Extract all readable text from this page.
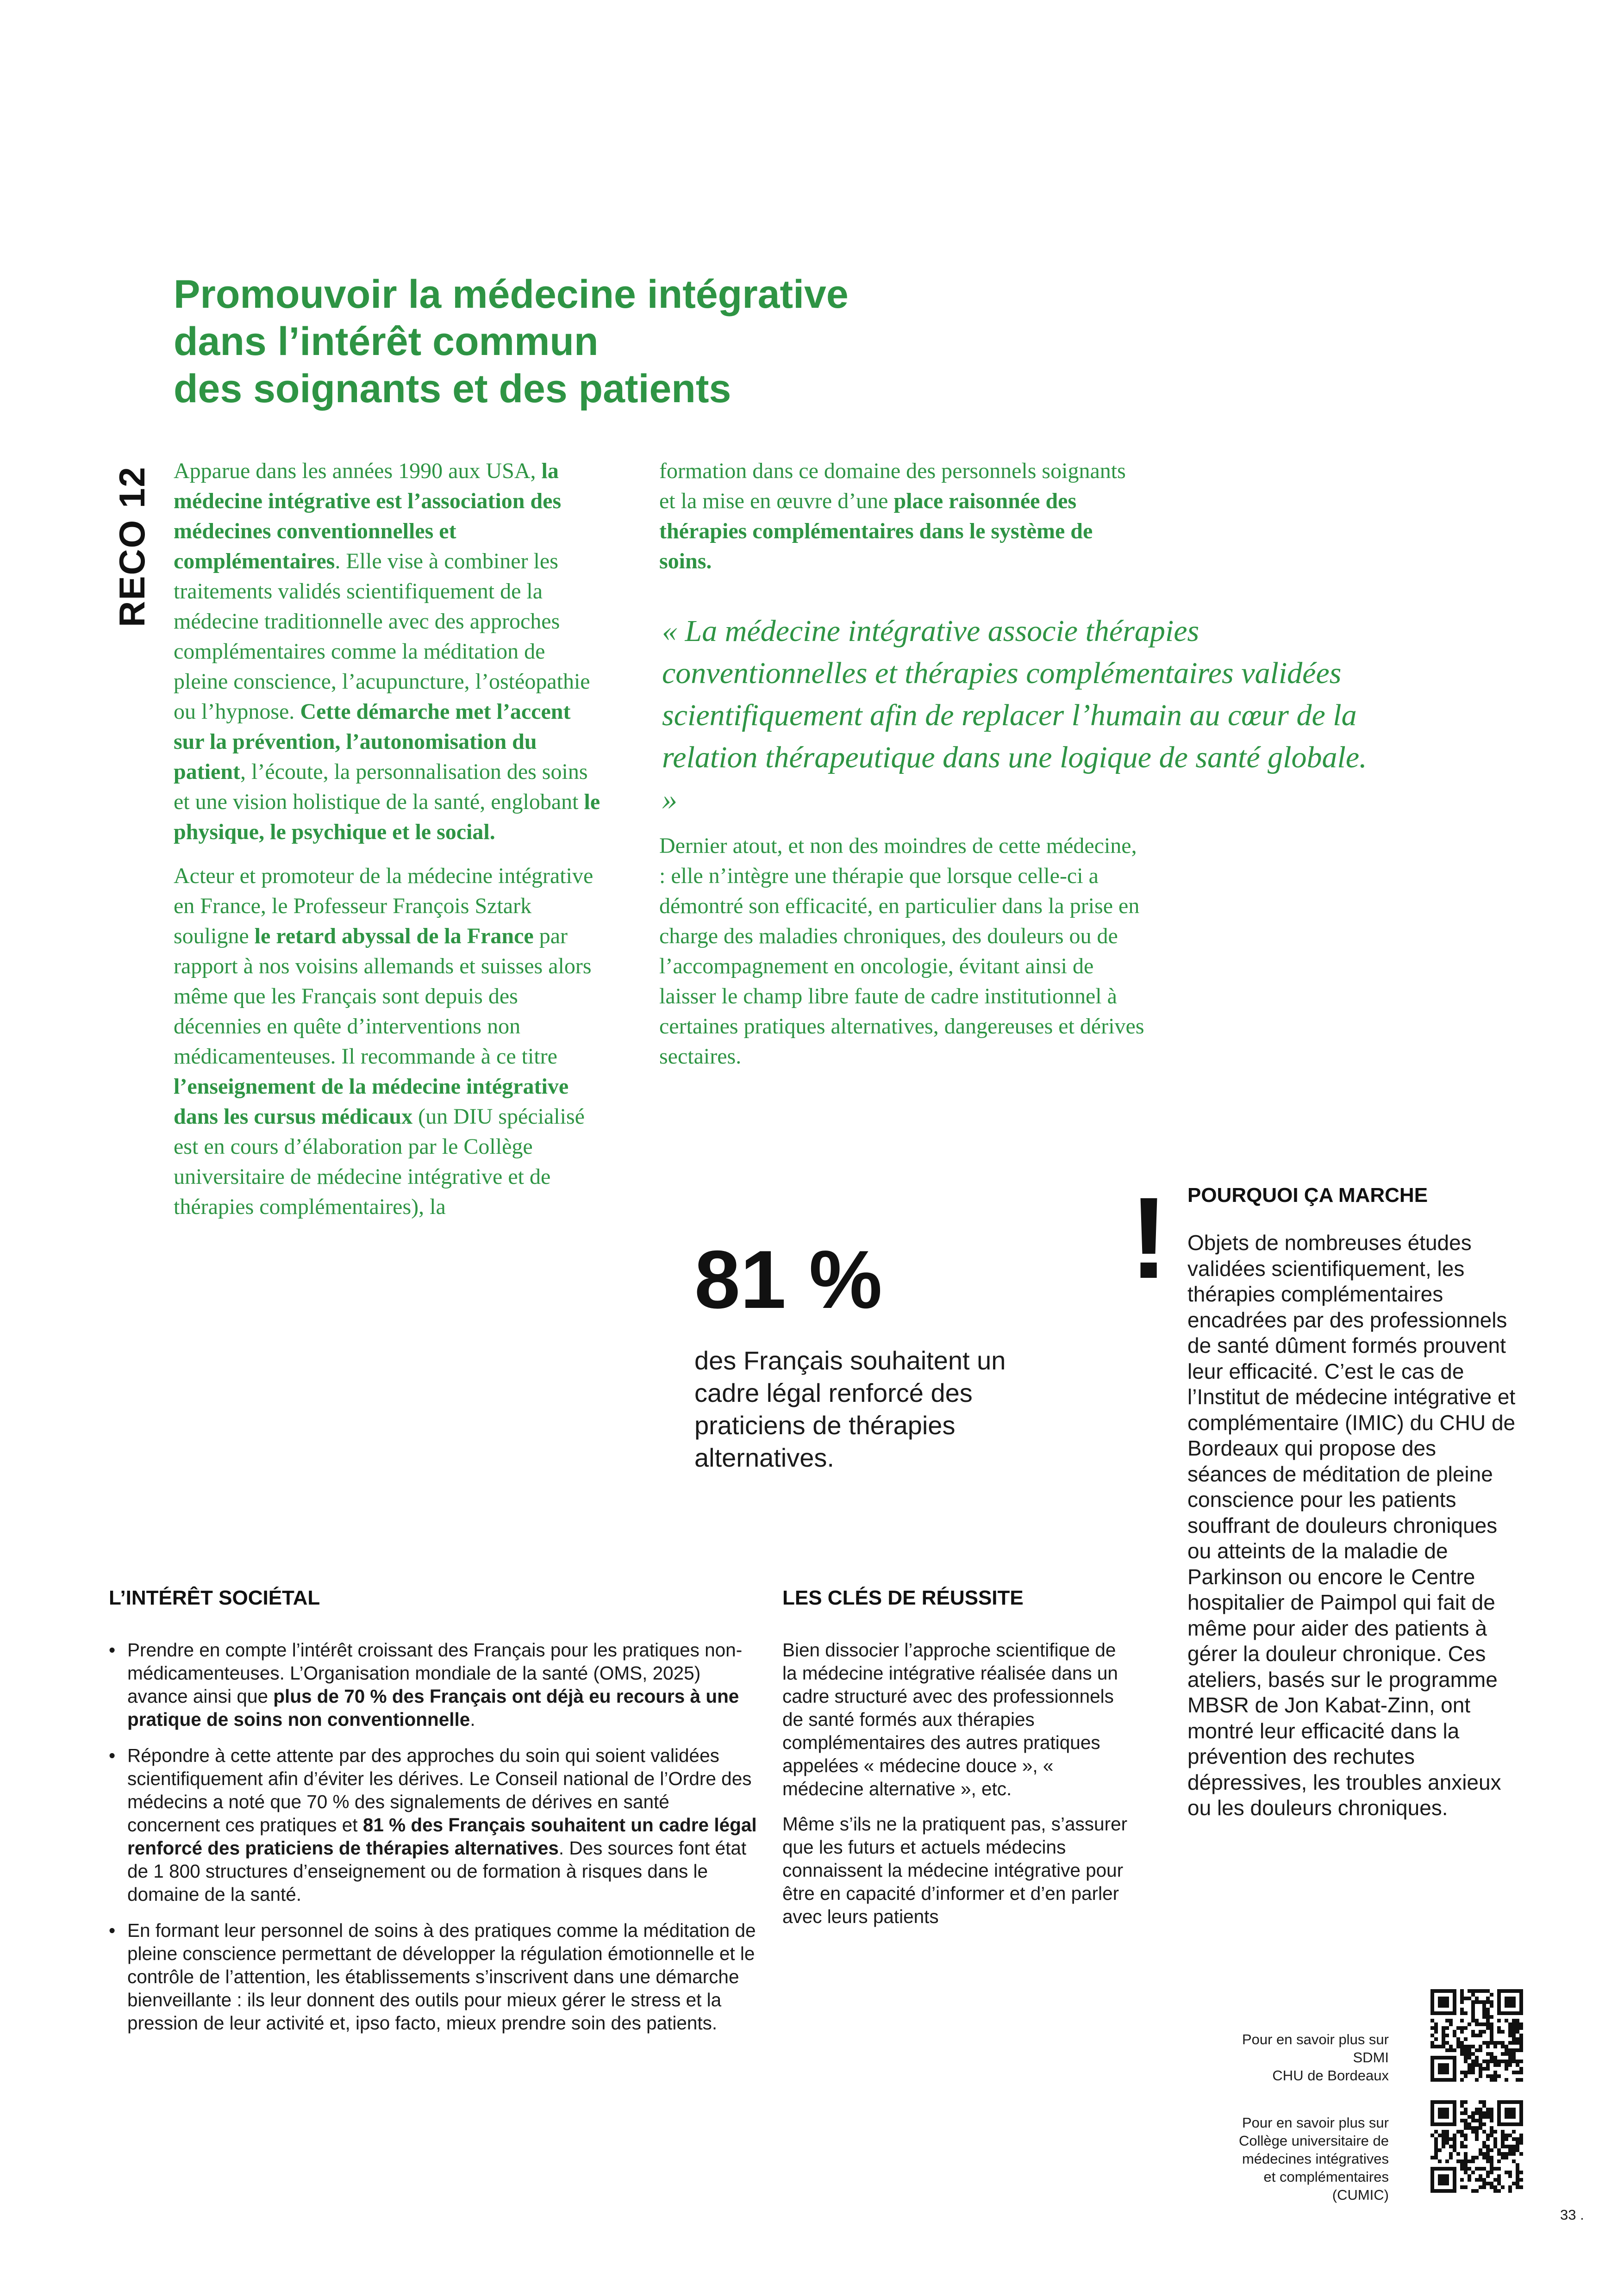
Promouvoir la médecine intégrative
dans l’intérêt commun
des soignants et des patients
RECO 12 Apparue dans les années 1990 aux USA, la médecine intégrative est l’association des médecines conventionnelles et complémentaires. Elle vise à combiner les traitements validés scientifiquement de la médecine traditionnelle avec des approches complémentaires comme la méditation de pleine conscience, l’acupuncture, l’ostéopathie ou l’hypnose. Cette démarche met l’accent sur la prévention, l’autonomisation du patient, l’écoute, la personnalisation des soins et une vision holistique de la santé, englobant le physique, le psychique et le social.

Acteur et promoteur de la médecine intégrative en France, le Professeur François Sztark souligne le retard abyssal de la France par rapport à nos voisins allemands et suisses alors même que les Français sont depuis des décennies en quête d’interventions non médicamenteuses. Il recommande à ce titre l’enseignement de la médecine intégrative dans les cursus médicaux (un DIU spécialisé est en cours d’élaboration par le Collège universitaire de médecine intégrative et de thérapies complémentaires), la

formation dans ce domaine des personnels soignants et la mise en œuvre d’une place raisonnée des thérapies complémentaires dans le système de soins.

« La médecine intégrative associe thérapies conventionnelles et thérapies complémentaires validées scientifiquement afin de replacer l’humain au cœur de la relation thérapeutique dans une logique de santé globale. »

Dernier atout, et non des moindres de cette médecine, : elle n’intègre une thérapie que lorsque celle-ci a démontré son efficacité, en particulier dans la prise en charge des maladies chroniques, des douleurs ou de l’accompagnement en oncologie, évitant ainsi de laisser le champ libre faute de cadre institutionnel à certaines pratiques alternatives, dangereuses et dérives sectaires.

81 %
des Français souhaitent un cadre légal renforcé des praticiens de thérapies alternatives.
! POURQUOI ÇA MARCHE
Objets de nombreuses études validées scientifiquement, les thérapies complémentaires encadrées par des professionnels de santé dûment formés prouvent leur efficacité. C’est le cas de l’Institut de médecine intégrative et complémentaire (IMIC) du CHU de Bordeaux qui propose des séances de méditation de pleine conscience pour les patients souffrant de douleurs chroniques ou atteints de la maladie de Parkinson ou encore le Centre hospitalier de Paimpol qui fait de même pour aider des patients à gérer la douleur chronique. Ces ateliers, basés sur le programme MBSR de Jon Kabat-Zinn, ont montré leur efficacité dans la prévention des rechutes dépressives, les troubles anxieux ou les douleurs chroniques.
L’INTÉRÊT SOCIÉTAL
• Prendre en compte l’intérêt croissant des Français pour les pratiques non-médicamenteuses. L’Organisation mondiale de la santé (OMS, 2025) avance ainsi que plus de 70 % des Français ont déjà eu recours à une pratique de soins non conventionnelle.
• Répondre à cette attente par des approches du soin qui soient validées scientifiquement afin d’éviter les dérives. Le Conseil national de l’Ordre des médecins a noté que 70 % des signalements de dérives en santé concernent ces pratiques et 81 % des Français souhaitent un cadre légal renforcé des praticiens de thérapies alternatives. Des sources font état de 1 800 structures d’enseignement ou de formation à risques dans le domaine de la santé.
• En formant leur personnel de soins à des pratiques comme la méditation de pleine conscience permettant de développer la régulation émotionnelle et le contrôle de l’attention, les établissements s’inscrivent dans une démarche bienveillante : ils leur donnent des outils pour mieux gérer le stress et la pression de leur activité et, ipso facto, mieux prendre soin des patients.
LES CLÉS DE RÉUSSITE

Bien dissocier l’approche scientifique de la médecine intégrative réalisée dans un cadre structuré avec des professionnels de santé formés aux thérapies complémentaires des autres pratiques appelées « médecine douce », « médecine alternative », etc.

Même s’ils ne la pratiquent pas, s’assurer que les futurs et actuels médecins connaissent la médecine intégrative pour être en capacité d’informer et d’en parler avec leurs patients

Pour en savoir plus sur
SDMI
CHU de Bordeaux
Pour en savoir plus sur
Collège universitaire de
médecines intégratives
et complémentaires
(CUMIC)
33 .
